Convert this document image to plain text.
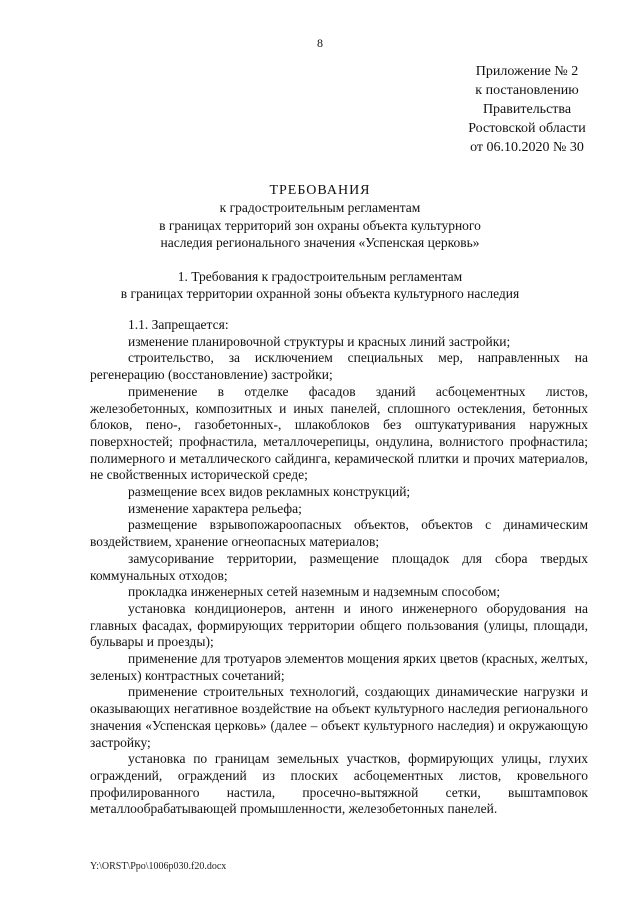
8
Приложение № 2
к постановлению
Правительства
Ростовской области
от 06.10.2020 № 30
ТРЕБОВАНИЯ
к градостроительным регламентам
в границах территорий зон охраны объекта культурного
наследия регионального значения «Успенская церковь»
1. Требования к градостроительным регламентам
в границах территории охранной зоны объекта культурного наследия
1.1. Запрещается:

изменение планировочной структуры и красных линий застройки;

строительство, за исключением специальных мер, направленных на регенерацию (восстановление) застройки;

применение в отделке фасадов зданий асбоцементных листов, железобетонных, композитных и иных панелей, сплошного остекления, бетонных блоков, пено-, газобетонных-, шлакоблоков без оштукатуривания наружных поверхностей; профнастила, металлочерепицы, ондулина, волнистого профнастила; полимерного и металлического сайдинга, керамической плитки и прочих материалов, не свойственных исторической среде;

размещение всех видов рекламных конструкций;

изменение характера рельефа;

размещение взрывопожароопасных объектов, объектов с динамическим воздействием, хранение огнеопасных материалов;

замусоривание территории, размещение площадок для сбора твердых коммунальных отходов;

прокладка инженерных сетей наземным и надземным способом;

установка кондиционеров, антенн и иного инженерного оборудования на главных фасадах, формирующих территории общего пользования (улицы, площади, бульвары и проезды);

применение для тротуаров элементов мощения ярких цветов (красных, желтых, зеленых) контрастных сочетаний;

применение строительных технологий, создающих динамические нагрузки и оказывающих негативное воздействие на объект культурного наследия регионального значения «Успенская церковь» (далее – объект культурного наследия) и окружающую застройку;

установка по границам земельных участков, формирующих улицы, глухих ограждений, ограждений из плоских асбоцементных листов, кровельного профилированного настила, просечно-вытяжной сетки, выштамповок металлообрабатывающей промышленности, железобетонных панелей.

Y:\ORST\Ppo\1006p030.f20.docx
